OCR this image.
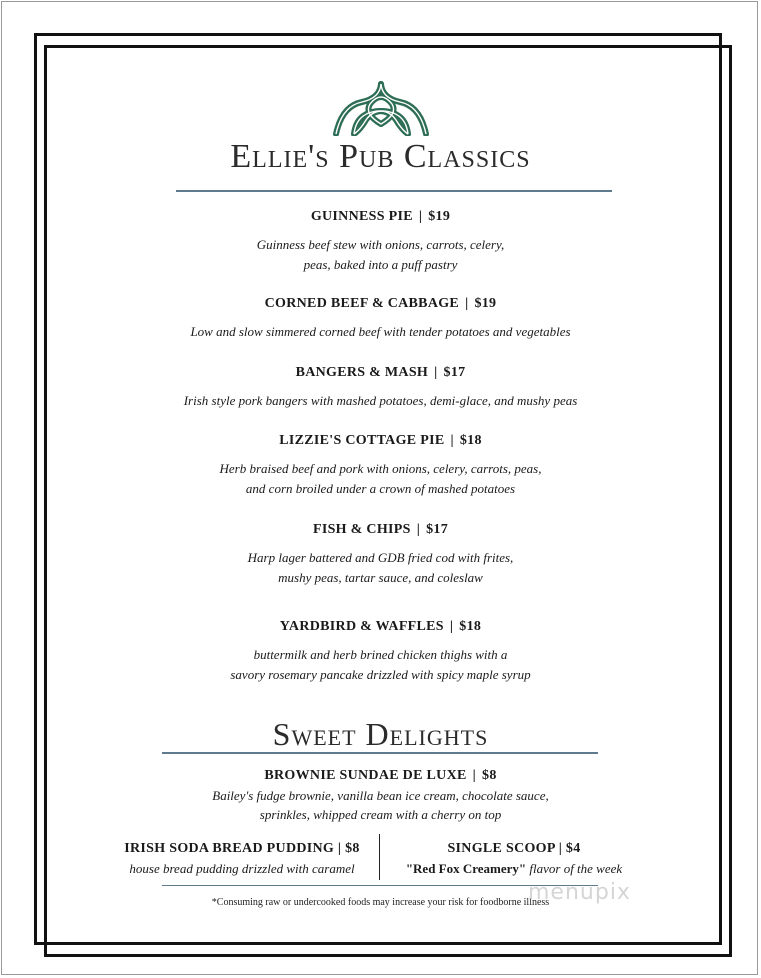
Ellie's Pub Classics
GUINNESS PIE | $19
Guinness beef stew with onions, carrots, celery,
peas, baked into a puff pastry
CORNED BEEF & CABBAGE | $19
Low and slow simmered corned beef with tender potatoes and vegetables
BANGERS & MASH | $17
Irish style pork bangers with mashed potatoes, demi-glace, and mushy peas
LIZZIE'S COTTAGE PIE | $18
Herb braised beef and pork with onions, celery, carrots, peas,
and corn broiled under a crown of mashed potatoes
FISH & CHIPS | $17
Harp lager battered and GDB fried cod with frites,
mushy peas, tartar sauce, and coleslaw
YARDBIRD & WAFFLES | $18
buttermilk and herb brined chicken thighs with a
savory rosemary pancake drizzled with spicy maple syrup
Sweet Delights
BROWNIE SUNDAE DE LUXE | $8
Bailey's fudge brownie, vanilla bean ice cream, chocolate sauce,
sprinkles, whipped cream with a cherry on top
IRISH SODA BREAD PUDDING | $8
house bread pudding drizzled with caramel
SINGLE SCOOP | $4
"Red Fox Creamery" flavor of the week
*Consuming raw or undercooked foods may increase your risk for foodborne illness
menupix
